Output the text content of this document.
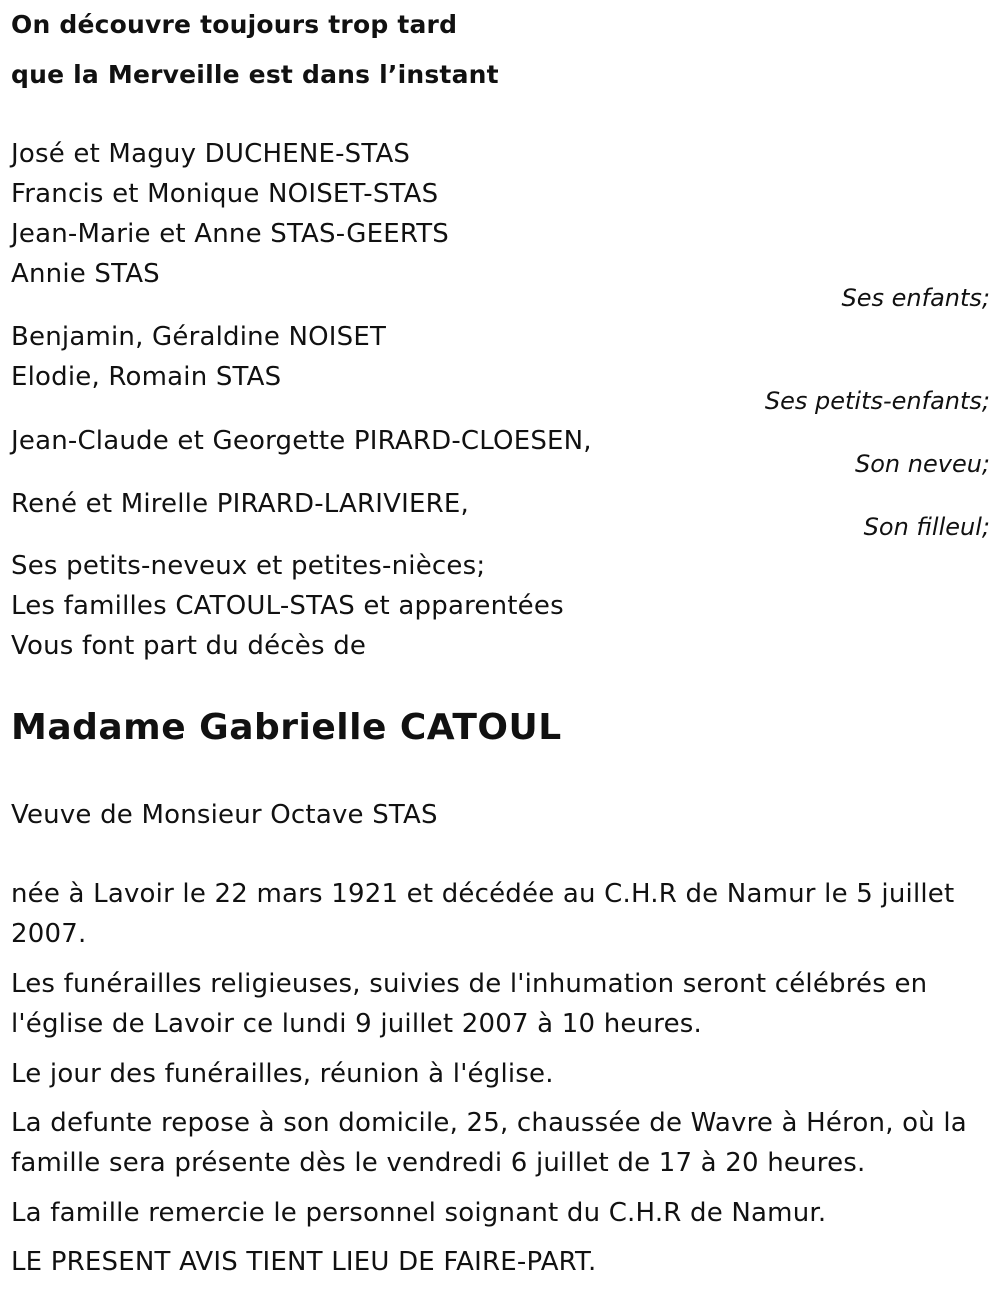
On découvre toujours trop tard
que la Merveille est dans l’instant
José et Maguy DUCHENE-STAS
Francis et Monique NOISET-STAS
Jean-Marie et Anne STAS-GEERTS
Annie STAS
Ses enfants;
Benjamin, Géraldine NOISET
Elodie, Romain STAS
Ses petits-enfants;
Jean-Claude et Georgette PIRARD-CLOESEN,
Son neveu;
René et Mirelle PIRARD-LARIVIERE,
Son filleul;
Ses petits-neveux et petites-nièces;
Les familles CATOUL-STAS et apparentées
Vous font part du décès de
Madame Gabrielle CATOUL
Veuve de Monsieur Octave STAS
née à Lavoir le 22 mars 1921 et décédée au C.H.R de Namur le 5 juillet 2007.
Les funérailles religieuses, suivies de l'inhumation seront célébrés en l'église de Lavoir ce lundi 9 juillet 2007 à 10 heures.
Le jour des funérailles, réunion à l'église.
La defunte repose à son domicile, 25, chaussée de Wavre à Héron, où la famille sera présente dès le vendredi 6 juillet de 17 à 20 heures.
La famille remercie le personnel soignant du C.H.R de Namur.
LE PRESENT AVIS TIENT LIEU DE FAIRE-PART.
